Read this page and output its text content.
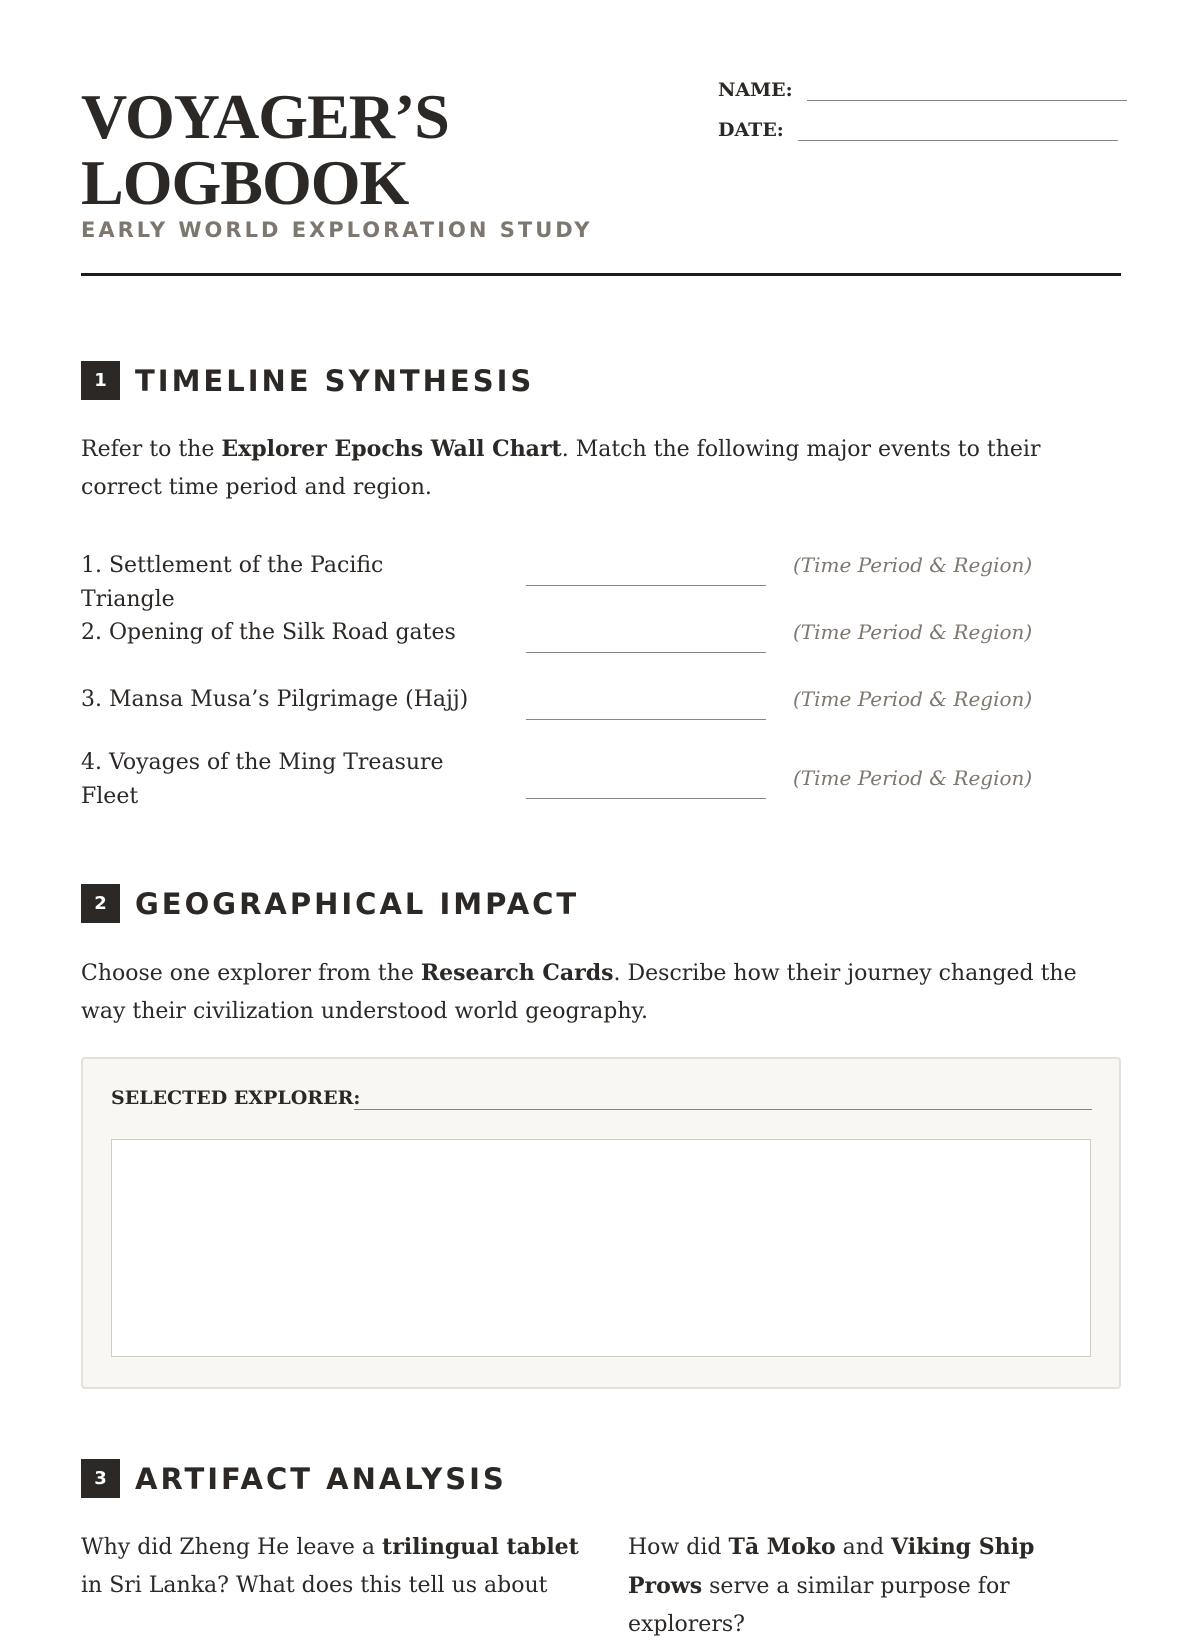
VOYAGER’S
LOGBOOK
EARLY WORLD EXPLORATION STUDY
NAME:
DATE:
1 TIMELINE SYNTHESIS

Refer to the Explorer Epochs Wall Chart. Match the following major events to their correct time period and region.

1. Settlement of the Pacific Triangle
(Time Period & Region)
2. Opening of the Silk Road gates	(Time Period & Region)
3. Mansa Musa’s Pilgrimage (Hajj)	(Time Period & Region)
4. Voyages of the Ming Treasure Fleet
(Time Period & Region)
2 GEOGRAPHICAL IMPACT

Choose one explorer from the Research Cards. Describe how their journey changed the way their civilization understood world geography.

SELECTED EXPLORER:
3 ARTIFACT ANALYSIS

Why did Zheng He leave a trilingual tablet in Sri Lanka? What does this tell us about

How did Tā Moko and Viking Ship Prows serve a similar purpose for explorers?
